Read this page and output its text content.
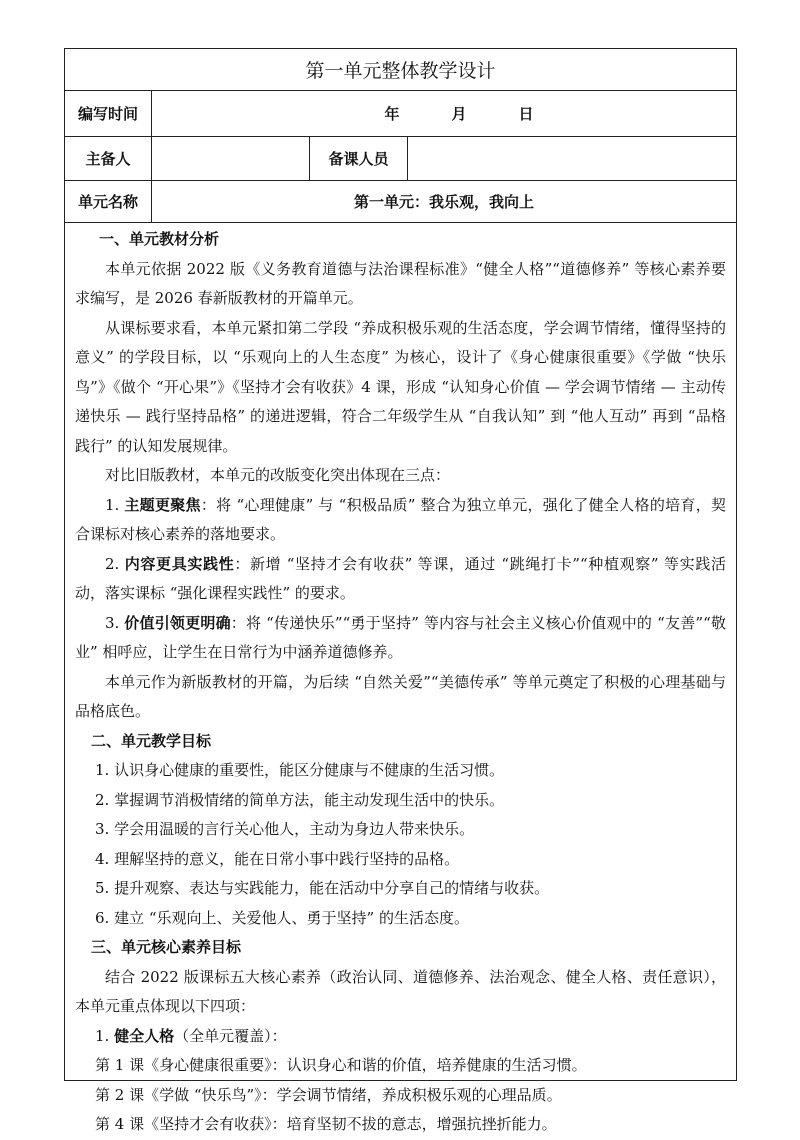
第一单元整体教学设计
编写时间	年	月	日
主备人	备课人员
单元名称	第一单元：我乐观，我向上
一、单元教材分析

本单元依据 2022 版《义务教育道德与法治课程标准》“健全人格”“道德修养” 等核心素养要求编写，是 2026 春新版教材的开篇单元。

从课标要求看，本单元紧扣第二学段 “养成积极乐观的生活态度，学会调节情绪，懂得坚持的意义” 的学段目标，以 “乐观向上的人生态度” 为核心，设计了《身心健康很重要》《学做 “快乐鸟”》《做个 “开心果”》《坚持才会有收获》4 课，形成 “认知身心价值 — 学会调节情绪 — 主动传递快乐 — 践行坚持品格” 的递进逻辑，符合二年级学生从 “自我认知” 到 “他人互动” 再到 “品格践行” 的认知发展规律。

对比旧版教材，本单元的改版变化突出体现在三点：

1. 主题更聚焦：将 “心理健康” 与 “积极品质” 整合为独立单元，强化了健全人格的培育，契合课标对核心素养的落地要求。

2. 内容更具实践性：新增 “坚持才会有收获” 等课，通过 “跳绳打卡”“种植观察” 等实践活动，落实课标 “强化课程实践性” 的要求。

3. 价值引领更明确：将 “传递快乐”“勇于坚持” 等内容与社会主义核心价值观中的 “友善”“敬业” 相呼应，让学生在日常行为中涵养道德修养。

本单元作为新版教材的开篇，为后续 “自然关爱”“美德传承” 等单元奠定了积极的心理基础与品格底色。

二、单元教学目标
1. 认识身心健康的重要性，能区分健康与不健康的生活习惯。
2. 掌握调节消极情绪的简单方法，能主动发现生活中的快乐。
3. 学会用温暖的言行关心他人，主动为身边人带来快乐。
4. 理解坚持的意义，能在日常小事中践行坚持的品格。
5. 提升观察、表达与实践能力，能在活动中分享自己的情绪与收获。
6. 建立 “乐观向上、关爱他人、勇于坚持” 的生活态度。
三、单元核心素养目标

结合 2022 版课标五大核心素养（政治认同、道德修养、法治观念、健全人格、责任意识），本单元重点体现以下四项：

1. 健全人格（全单元覆盖）：
第 1 课《身心健康很重要》：认识身心和谐的价值，培养健康的生活习惯。
第 2 课《学做 “快乐鸟”》：学会调节情绪，养成积极乐观的心理品质。
第 4 课《坚持才会有收获》：培育坚韧不拔的意志，增强抗挫折能力。
